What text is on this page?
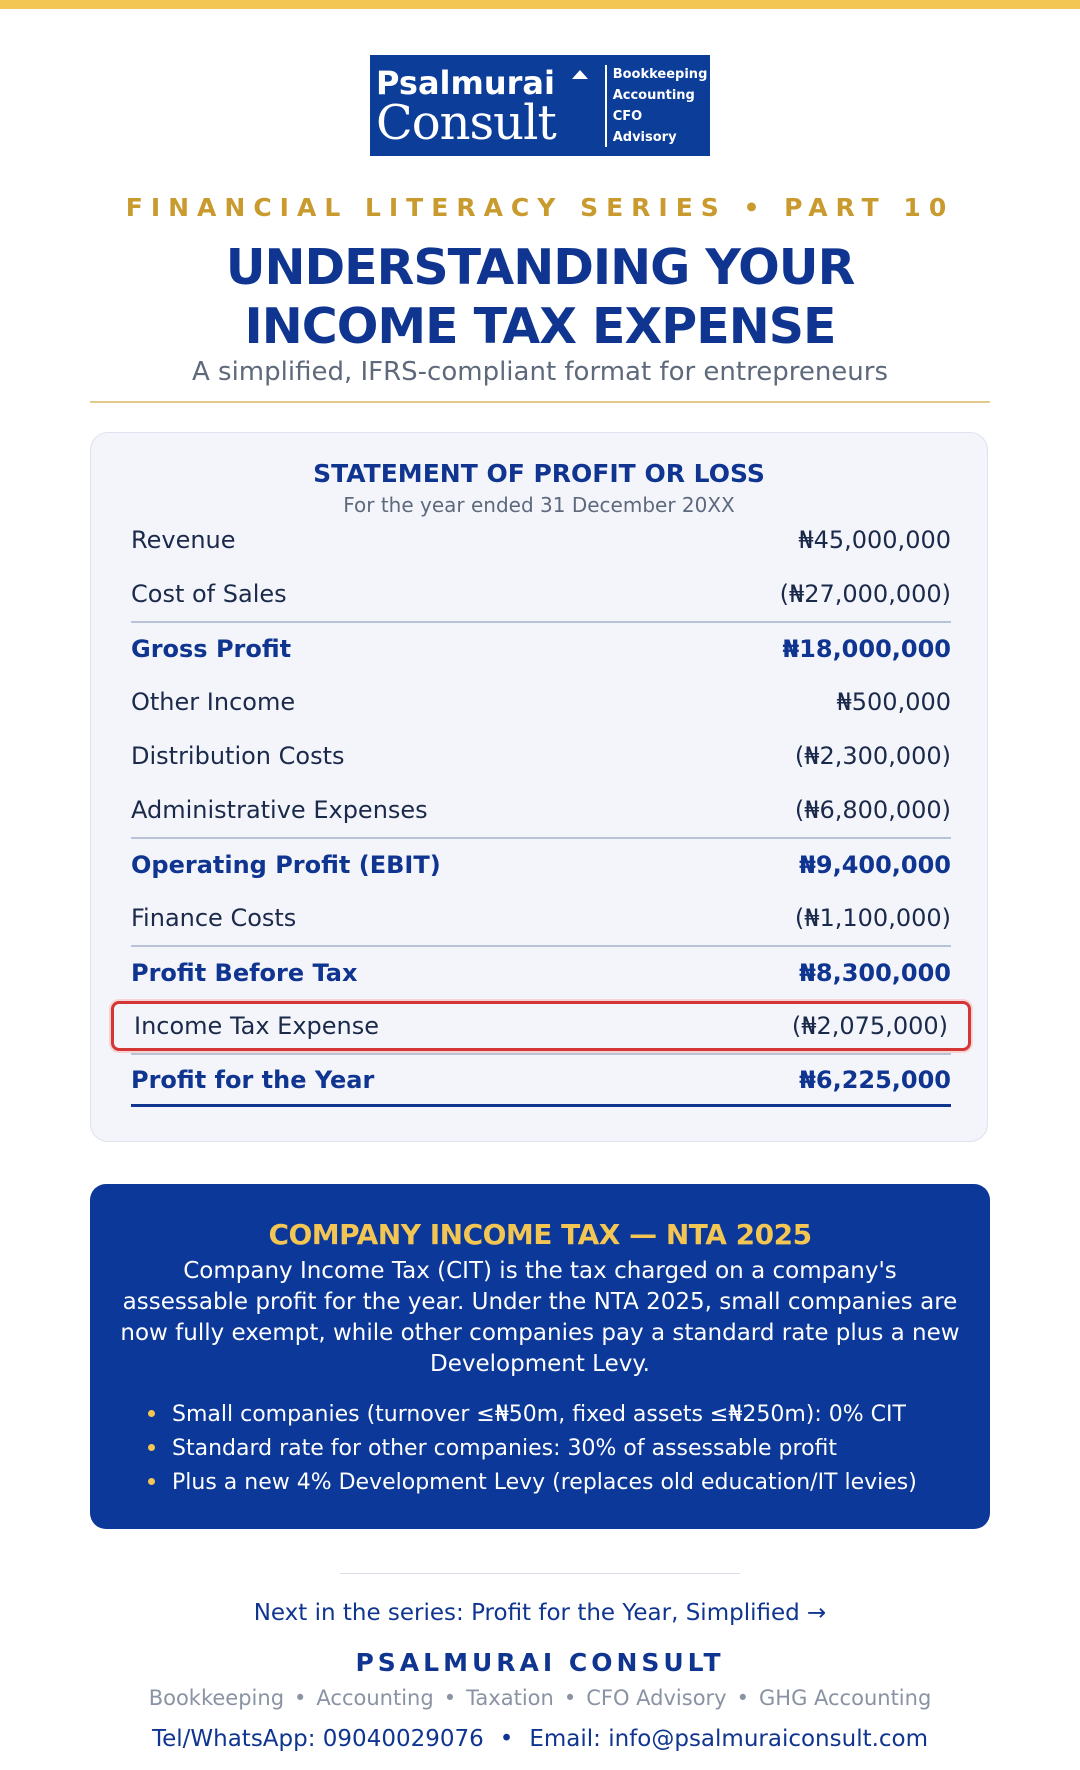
Psalmurai
Consult
Bookkeeping
Accounting
CFO Advisory
FINANCIAL LITERACY SERIES • PART 10
UNDERSTANDING YOUR
INCOME TAX EXPENSE
A simplified, IFRS-compliant format for entrepreneurs
STATEMENT OF PROFIT OR LOSS
For the year ended 31 December 20XX
Revenue	₦45,000,000
Cost of Sales	(₦27,000,000)
Gross Profit	₦18,000,000
Other Income	₦500,000
Distribution Costs	(₦2,300,000)
Administrative Expenses	(₦6,800,000)
Operating Profit (EBIT)	₦9,400,000
Finance Costs	(₦1,100,000)
Profit Before Tax	₦8,300,000
Income Tax Expense	(₦2,075,000)
Profit for the Year	₦6,225,000
COMPANY INCOME TAX — NTA 2025
Company Income Tax (CIT) is the tax charged on a company's assessable profit for the year. Under the NTA 2025, small companies are now fully exempt, while other companies pay a standard rate plus a new Development Levy.
Small companies (turnover ≤₦50m, fixed assets ≤₦250m): 0% CIT
Standard rate for other companies: 30% of assessable profit
Plus a new 4% Development Levy (replaces old education/IT levies)
Next in the series: Profit for the Year, Simplified →
PSALMURAI CONSULT
Bookkeeping • Accounting • Taxation • CFO Advisory • GHG Accounting
Tel/WhatsApp: 09040029076 • Email: info@psalmuraiconsult.com
